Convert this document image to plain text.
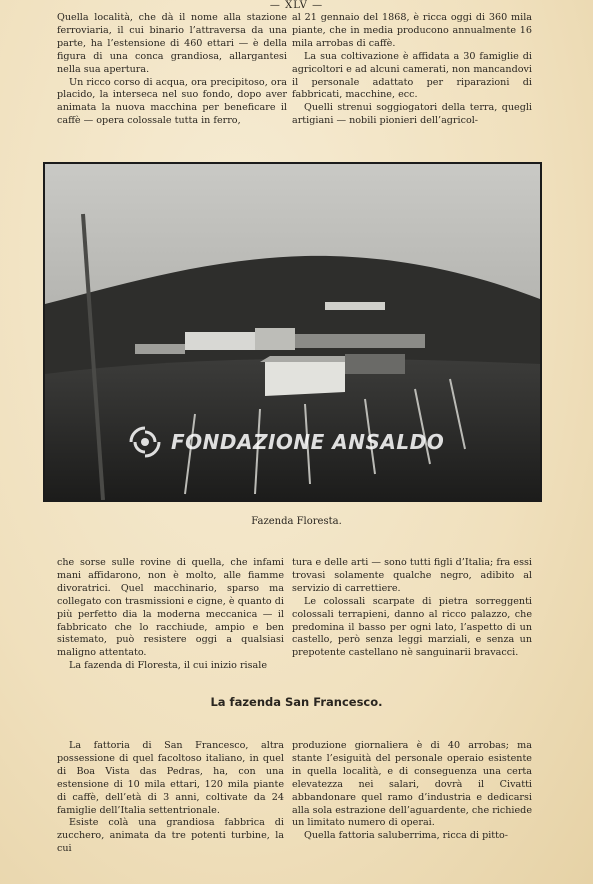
— XLV —

Quella località, che dà il nome alla stazione ferroviaria, il cui binario l’attraversa da una parte, ha l’estensione di 460 ettari — è della figura di una conca grandiosa, allargantesi nella sua apertura.

Un ricco corso di acqua, ora precipitoso, ora placido, la interseca nel suo fondo, dopo aver animata la nuova macchina per beneficare il caffè — opera colossale tutta in ferro,

al 21 gennaio del 1868, è ricca oggi di 360 mila piante, che in media producono annualmente 16 mila arrobas di caffè.

La sua coltivazione è affidata a 30 famiglie di agricoltori e ad alcuni camerati, non mancandovi il personale adattato per riparazioni di fabbricati, macchine, ecc.

Quelli strenui soggiogatori della terra, quegli artigiani — nobili pionieri dell’agricol-

FONDAZIONE ANSALDO
Fazenda Floresta.

che sorse sulle rovine di quella, che infami mani affidarono, non è molto, alle fiamme divoratrici. Quel macchinario, sparso ma collegato con trasmissioni e cigne, è quanto di più perfetto dia la moderna meccanica — il fabbricato che lo racchiude, ampio e ben sistemato, può resistere oggi a qualsiasi maligno attentato.

La fazenda di Floresta, il cui inizio risale

tura e delle arti — sono tutti figli d’Italia; fra essi trovasi solamente qualche negro, adibito al servizio di carrettiere.

Le colossali scarpate di pietra sorreggenti colossali terrapieni, danno al ricco palazzo, che predomina il basso per ogni lato, l’aspetto di un castello, però senza leggi marziali, e senza un prepotente castellano nè sanguinarii bravacci.

La fazenda San Francesco.

La fattoria di San Francesco, altra possessione di quel facoltoso italiano, in quel di Boa Vista das Pedras, ha, con una estensione di 10 mila ettari, 120 mila piante di caffè, dell’età di 3 anni, coltivate da 24 famiglie dell’Italia settentrionale.

Esiste colà una grandiosa fabbrica di zucchero, animata da tre potenti turbine, la cui

produzione giornaliera è di 40 arrobas; ma stante l’esiguità del personale operaio esistente in quella località, e di conseguenza una certa elevatezza nei salari, dovrà il Civatti abbandonare quel ramo d’industria e dedicarsi alla sola estrazione dell’aguardente, che richiede un limitato numero di operai.

Quella fattoria saluberrima, ricca di pitto-
